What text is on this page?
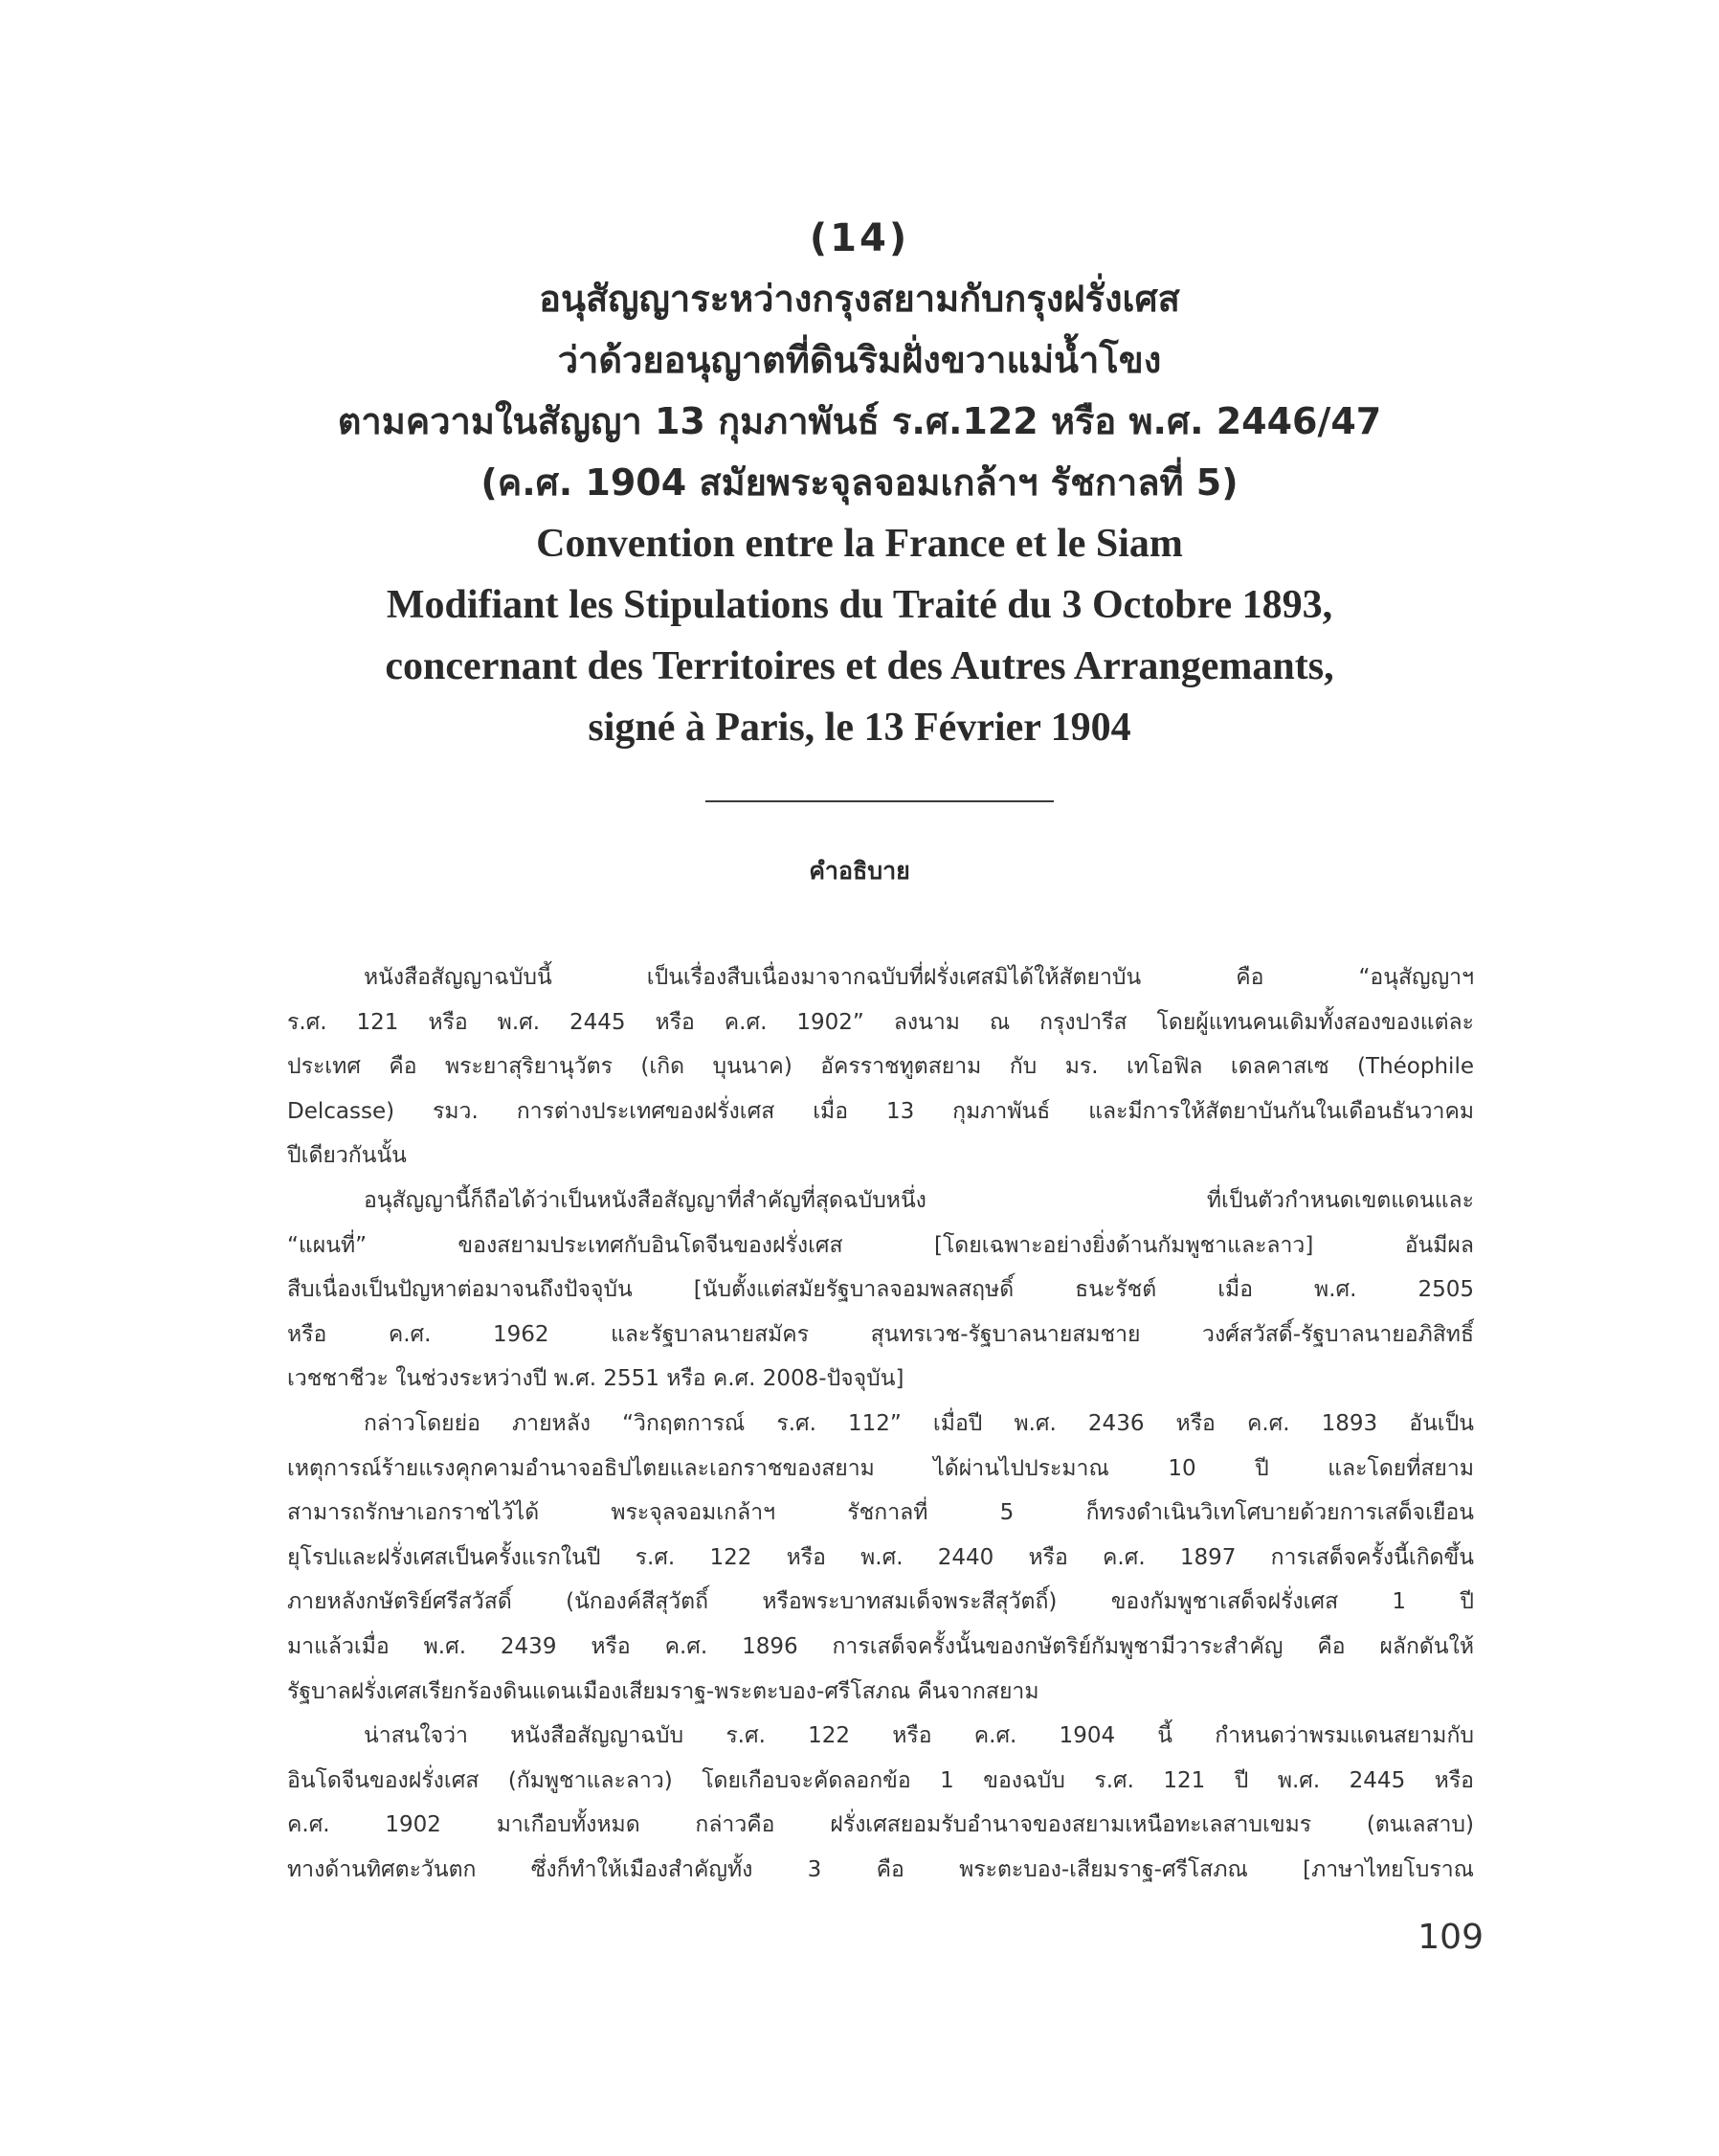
(14)
อนุสัญญาระหว่างกรุงสยามกับกรุงฝรั่งเศส
ว่าด้วยอนุญาตที่ดินริมฝั่งขวาแม่น้ำโขง
ตามความในสัญญา 13 กุมภาพันธ์ ร.ศ.122 หรือ พ.ศ. 2446/47
(ค.ศ. 1904 สมัยพระจุลจอมเกล้าฯ รัชกาลที่ 5)
Convention entre la France et le Siam
Modifiant les Stipulations du Traité du 3 Octobre 1893,
concernant des Territoires et des Autres Arrangemants,
signé à Paris, le 13 Février 1904
คำอธิบาย
หนังสือสัญญาฉบับนี้ เป็นเรื่องสืบเนื่องมาจากฉบับที่ฝรั่งเศสมิได้ให้สัตยาบัน คือ “อนุสัญญาฯ
ร.ศ. 121 หรือ พ.ศ. 2445 หรือ ค.ศ. 1902” ลงนาม ณ กรุงปารีส โดยผู้แทนคนเดิมทั้งสองของแต่ละ
ประเทศ คือ พระยาสุริยานุวัตร (เกิด บุนนาค) อัครราชทูตสยาม กับ มร. เทโอฟิล เดลคาสเซ (Théophile
Delcasse) รมว. การต่างประเทศของฝรั่งเศส เมื่อ 13 กุมภาพันธ์ และมีการให้สัตยาบันกันในเดือนธันวาคม
ปีเดียวกันนั้น
อนุสัญญานี้ก็ถือได้ว่าเป็นหนังสือสัญญาที่สำคัญที่สุดฉบับหนึ่ง ที่เป็นตัวกำหนดเขตแดนและ
“แผนที่” ของสยามประเทศกับอินโดจีนของฝรั่งเศส [โดยเฉพาะอย่างยิ่งด้านกัมพูชาและลาว] อันมีผล
สืบเนื่องเป็นปัญหาต่อมาจนถึงปัจจุบัน [นับตั้งแต่สมัยรัฐบาลจอมพลสฤษดิ์ ธนะรัชต์ เมื่อ พ.ศ. 2505
หรือ ค.ศ. 1962 และรัฐบาลนายสมัคร สุนทรเวช-รัฐบาลนายสมชาย วงศ์สวัสดิ์-รัฐบาลนายอภิสิทธิ์
เวชชาชีวะ ในช่วงระหว่างปี พ.ศ. 2551 หรือ ค.ศ. 2008-ปัจจุบัน]
กล่าวโดยย่อ ภายหลัง “วิกฤตการณ์ ร.ศ. 112” เมื่อปี พ.ศ. 2436 หรือ ค.ศ. 1893 อันเป็น
เหตุการณ์ร้ายแรงคุกคามอำนาจอธิปไตยและเอกราชของสยาม ได้ผ่านไปประมาณ 10 ปี และโดยที่สยาม
สามารถรักษาเอกราชไว้ได้ พระจุลจอมเกล้าฯ รัชกาลที่ 5 ก็ทรงดำเนินวิเทโศบายด้วยการเสด็จเยือน
ยุโรปและฝรั่งเศสเป็นครั้งแรกในปี ร.ศ. 122 หรือ พ.ศ. 2440 หรือ ค.ศ. 1897 การเสด็จครั้งนี้เกิดขึ้น
ภายหลังกษัตริย์ศรีสวัสดิ์ (นักองค์สีสุวัตถิ์ หรือพระบาทสมเด็จพระสีสุวัตถิ์) ของกัมพูชาเสด็จฝรั่งเศส 1 ปี
มาแล้วเมื่อ พ.ศ. 2439 หรือ ค.ศ. 1896 การเสด็จครั้งนั้นของกษัตริย์กัมพูชามีวาระสำคัญ คือ ผลักดันให้
รัฐบาลฝรั่งเศสเรียกร้องดินแดนเมืองเสียมราฐ-พระตะบอง-ศรีโสภณ คืนจากสยาม
น่าสนใจว่า หนังสือสัญญาฉบับ ร.ศ. 122 หรือ ค.ศ. 1904 นี้ กำหนดว่าพรมแดนสยามกับ
อินโดจีนของฝรั่งเศส (กัมพูชาและลาว) โดยเกือบจะคัดลอกข้อ 1 ของฉบับ ร.ศ. 121 ปี พ.ศ. 2445 หรือ
ค.ศ. 1902 มาเกือบทั้งหมด กล่าวคือ ฝรั่งเศสยอมรับอำนาจของสยามเหนือทะเลสาบเขมร (ตนเลสาบ)
ทางด้านทิศตะวันตก ซึ่งก็ทำให้เมืองสำคัญทั้ง 3 คือ พระตะบอง-เสียมราฐ-ศรีโสภณ [ภาษาไทยโบราณ
109
